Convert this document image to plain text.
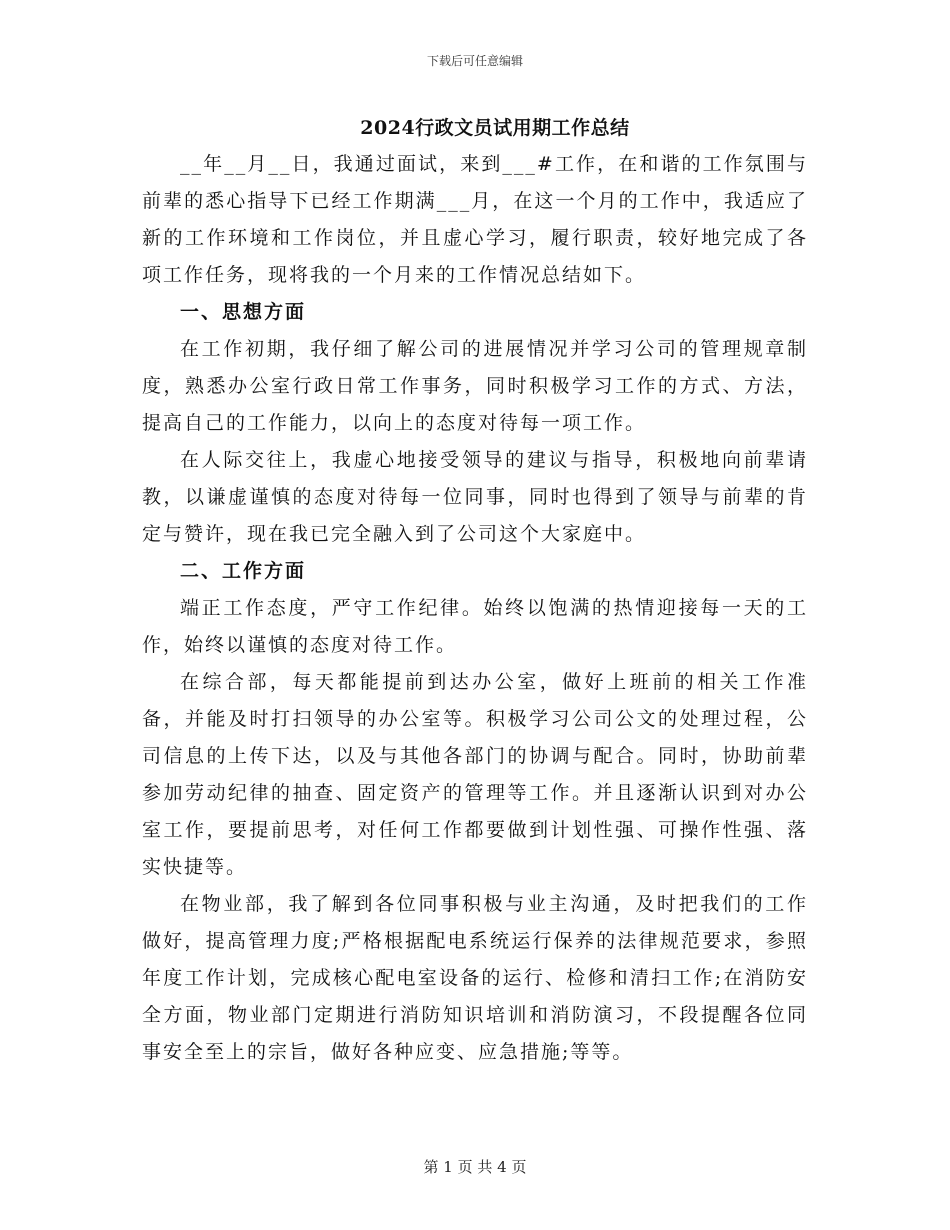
下载后可任意编辑
2024行政文员试用期工作总结

__年__月__日，我通过面试，来到___#工作，在和谐的工作氛围与前辈的悉心指导下已经工作期满___月，在这一个月的工作中，我适应了新的工作环境和工作岗位，并且虚心学习，履行职责，较好地完成了各项工作任务，现将我的一个月来的工作情况总结如下。

一、思想方面

在工作初期，我仔细了解公司的进展情况并学习公司的管理规章制度，熟悉办公室行政日常工作事务，同时积极学习工作的方式、方法，提高自己的工作能力，以向上的态度对待每一项工作。

在人际交往上，我虚心地接受领导的建议与指导，积极地向前辈请教，以谦虚谨慎的态度对待每一位同事，同时也得到了领导与前辈的肯定与赞许，现在我已完全融入到了公司这个大家庭中。

二、工作方面

端正工作态度，严守工作纪律。始终以饱满的热情迎接每一天的工作，始终以谨慎的态度对待工作。

在综合部，每天都能提前到达办公室，做好上班前的相关工作准备，并能及时打扫领导的办公室等。积极学习公司公文的处理过程，公司信息的上传下达，以及与其他各部门的协调与配合。同时，协助前辈参加劳动纪律的抽查、固定资产的管理等工作。并且逐渐认识到对办公室工作，要提前思考，对任何工作都要做到计划性强、可操作性强、落实快捷等。

在物业部，我了解到各位同事积极与业主沟通，及时把我们的工作做好，提高管理力度;严格根据配电系统运行保养的法律规范要求，参照年度工作计划，完成核心配电室设备的运行、检修和清扫工作;在消防安全方面，物业部门定期进行消防知识培训和消防演习，不段提醒各位同事安全至上的宗旨，做好各种应变、应急措施;等等。

第 1 页 共 4 页
